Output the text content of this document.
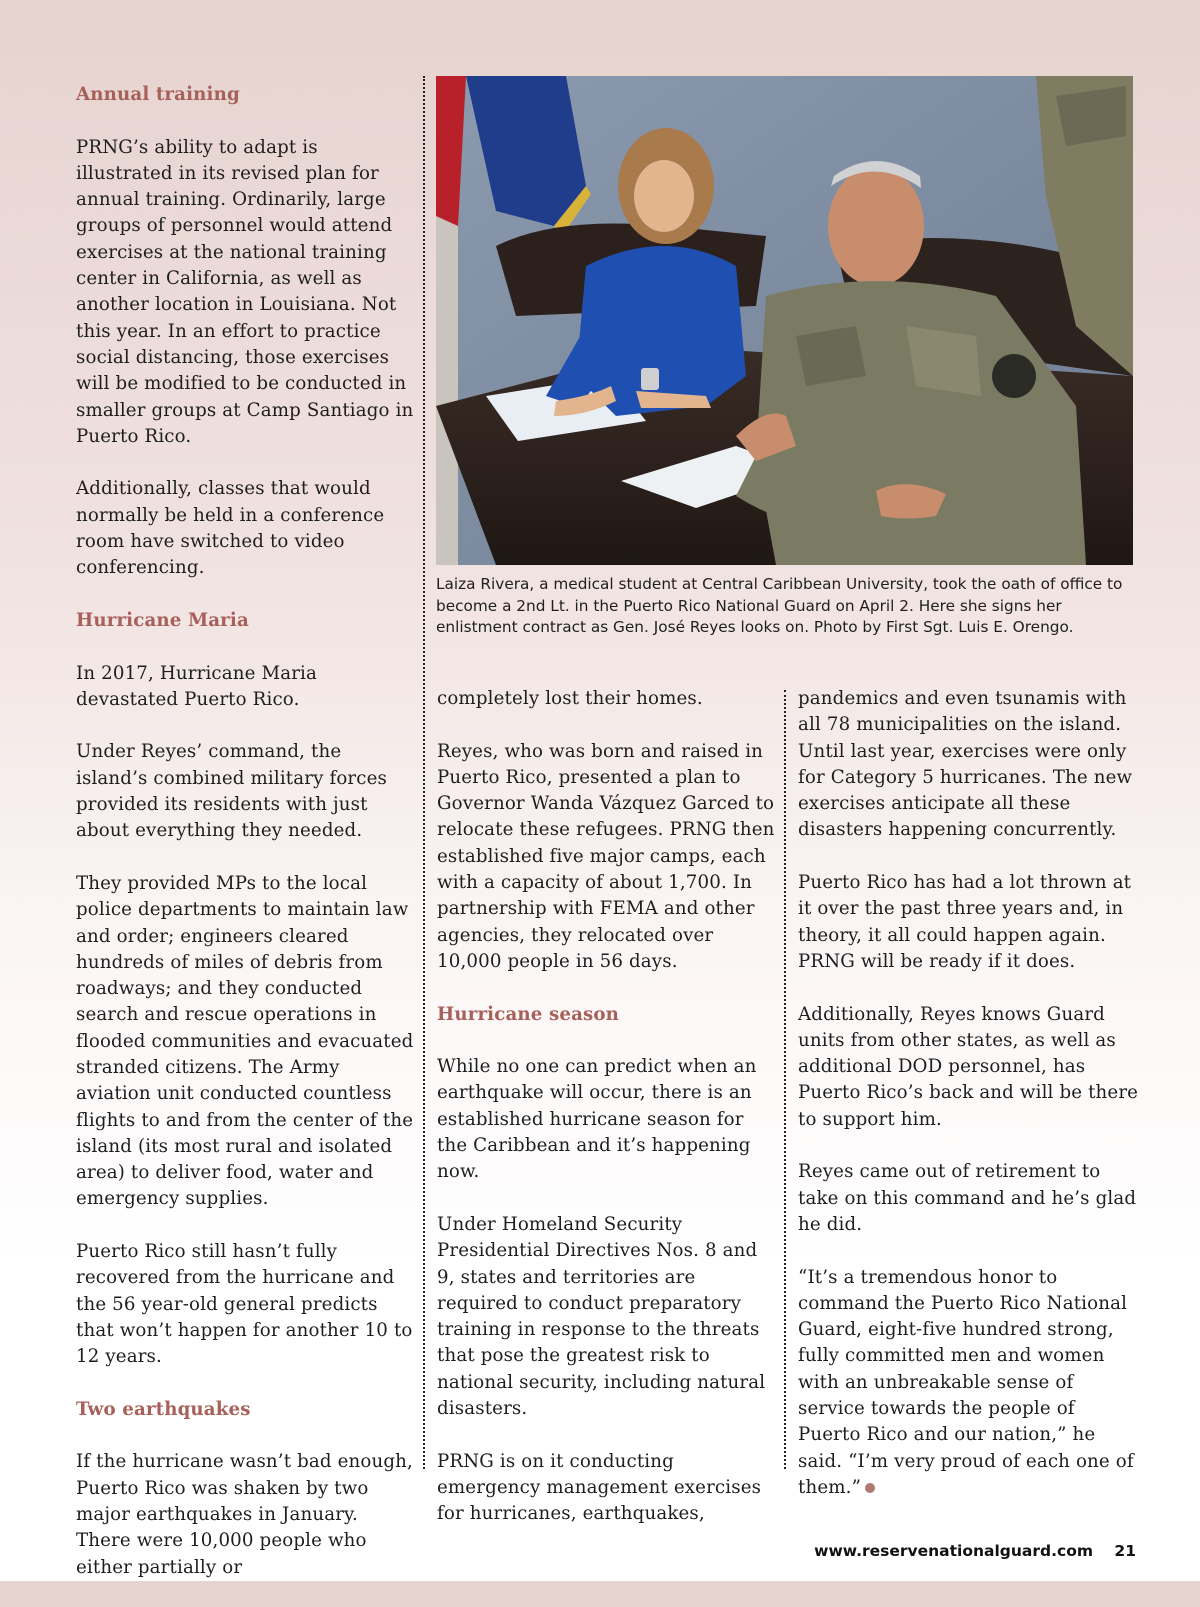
Annual training

PRNG’s ability to adapt is illustrated in its revised plan for annual training. Ordinarily, large groups of personnel would attend exercises at the national training center in California, as well as another location in Louisiana. Not this year. In an effort to practice social distancing, those exercises will be modified to be conducted in smaller groups at Camp Santiago in Puerto Rico.

Additionally, classes that would normally be held in a conference room have switched to video conferencing.

Hurricane Maria

In 2017, Hurricane Maria devastated Puerto Rico.

Under Reyes’ command, the island’s combined military forces provided its residents with just about everything they needed.

They provided MPs to the local police departments to maintain law and order; engineers cleared hundreds of miles of debris from roadways; and they conducted search and rescue operations in flooded communities and evacuated stranded citizens. The Army aviation unit conducted countless flights to and from the center of the island (its most rural and isolated area) to deliver food, water and emergency supplies.

Puerto Rico still hasn’t fully recovered from the hurricane and the 56 year-old general predicts that won’t happen for another 10 to 12 years.

Two earthquakes

If the hurricane wasn’t bad enough, Puerto Rico was shaken by two major earthquakes in January. There were 10,000 people who either partially or

Laiza Rivera, a medical student at Central Caribbean University, took the oath of office to become a 2nd Lt. in the Puerto Rico National Guard on April 2. Here she signs her enlistment contract as Gen. José Reyes looks on. Photo by First Sgt. Luis E. Orengo.

completely lost their homes.

Reyes, who was born and raised in Puerto Rico, presented a plan to Governor Wanda Vázquez Garced to relocate these refugees. PRNG then established five major camps, each with a capacity of about 1,700. In partnership with FEMA and other agencies, they relocated over 10,000 people in 56 days.

Hurricane season

While no one can predict when an earthquake will occur, there is an established hurricane season for the Caribbean and it’s happening now.

Under Homeland Security Presidential Directives Nos. 8 and 9, states and territories are required to conduct preparatory training in response to the threats that pose the greatest risk to national security, including natural disasters.

PRNG is on it conducting emergency management exercises for hurricanes, earthquakes,

pandemics and even tsunamis with all 78 municipalities on the island. Until last year, exercises were only for Category 5 hurricanes. The new exercises anticipate all these disasters happening concurrently.

Puerto Rico has had a lot thrown at it over the past three years and, in theory, it all could happen again. PRNG will be ready if it does.

Additionally, Reyes knows Guard units from other states, as well as additional DOD personnel, has Puerto Rico’s back and will be there to support him.

Reyes came out of retirement to take on this command and he’s glad he did.

“It’s a tremendous honor to command the Puerto Rico National Guard, eight-five hundred strong, fully committed men and women with an unbreakable sense of service towards the people of Puerto Rico and our nation,” he said. “I’m very proud of each one of them.”

www.reservenationalguard.com 21
